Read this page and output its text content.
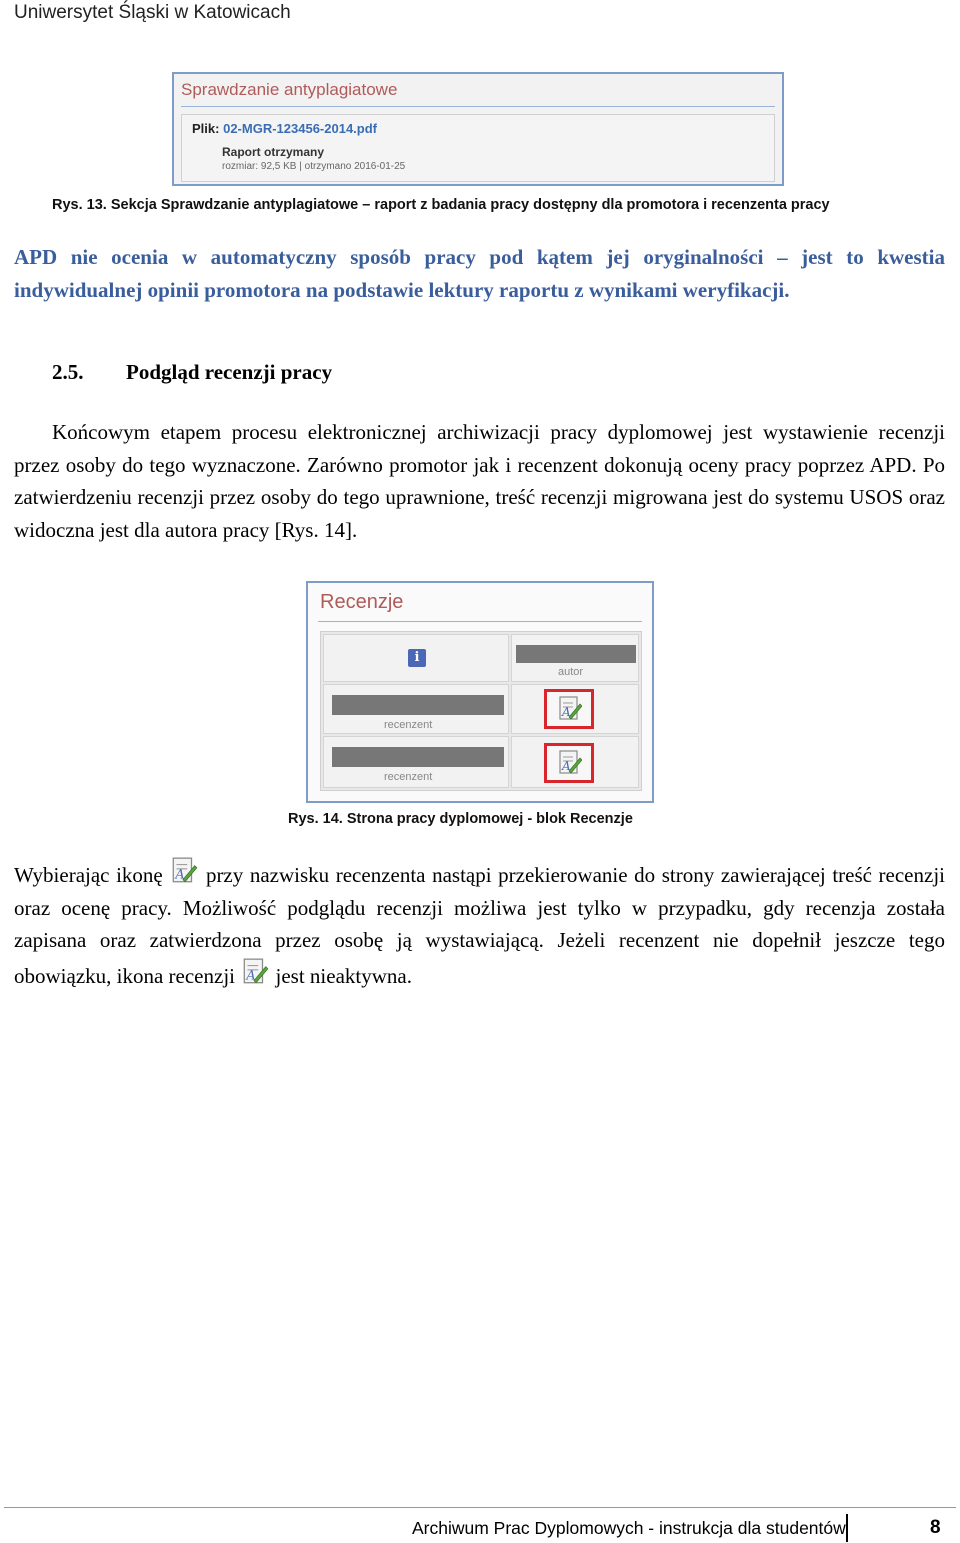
Uniwersytet Śląski w Katowicach
Sprawdzanie antyplagiatowe
Plik: 02-MGR-123456-2014.pdf
Raport otrzymany
rozmiar: 92,5 KB | otrzymano 2016-01-25
Rys. 13. Sekcja Sprawdzanie antyplagiatowe – raport z badania pracy dostępny dla promotora i recenzenta pracy
APD nie ocenia w automatyczny sposób pracy pod kątem jej oryginalności – jest to kwestia indywidualnej opinii promotora na podstawie lektury raportu z wynikami weryfikacji.
2.5. Podgląd recenzji pracy
Końcowym etapem procesu elektronicznej archiwizacji pracy dyplomowej jest wystawienie recenzji przez osoby do tego wyznaczone. Zarówno promotor jak i recenzent dokonują oceny pracy poprzez APD. Po zatwierdzeniu recenzji przez osoby do tego uprawnione, treść recenzji migrowana jest do systemu USOS oraz widoczna jest dla autora pracy [Rys. 14].
Recenzje
i
autor
recenzent
A
recenzent
A
Rys. 14. Strona pracy dyplomowej - blok Recenzje
Wybierając ikonę A przy nazwisku recenzenta nastąpi przekierowanie do strony zawierającej treść recenzji oraz ocenę pracy. Możliwość podglądu recenzji możliwa jest tylko w przypadku, gdy recenzja została zapisana oraz zatwierdzona przez osobę ją wystawiającą. Jeżeli recenzent nie dopełnił jeszcze tego obowiązku, ikona recenzji A jest nieaktywna.
Archiwum Prac Dyplomowych - instrukcja dla studentów	8
